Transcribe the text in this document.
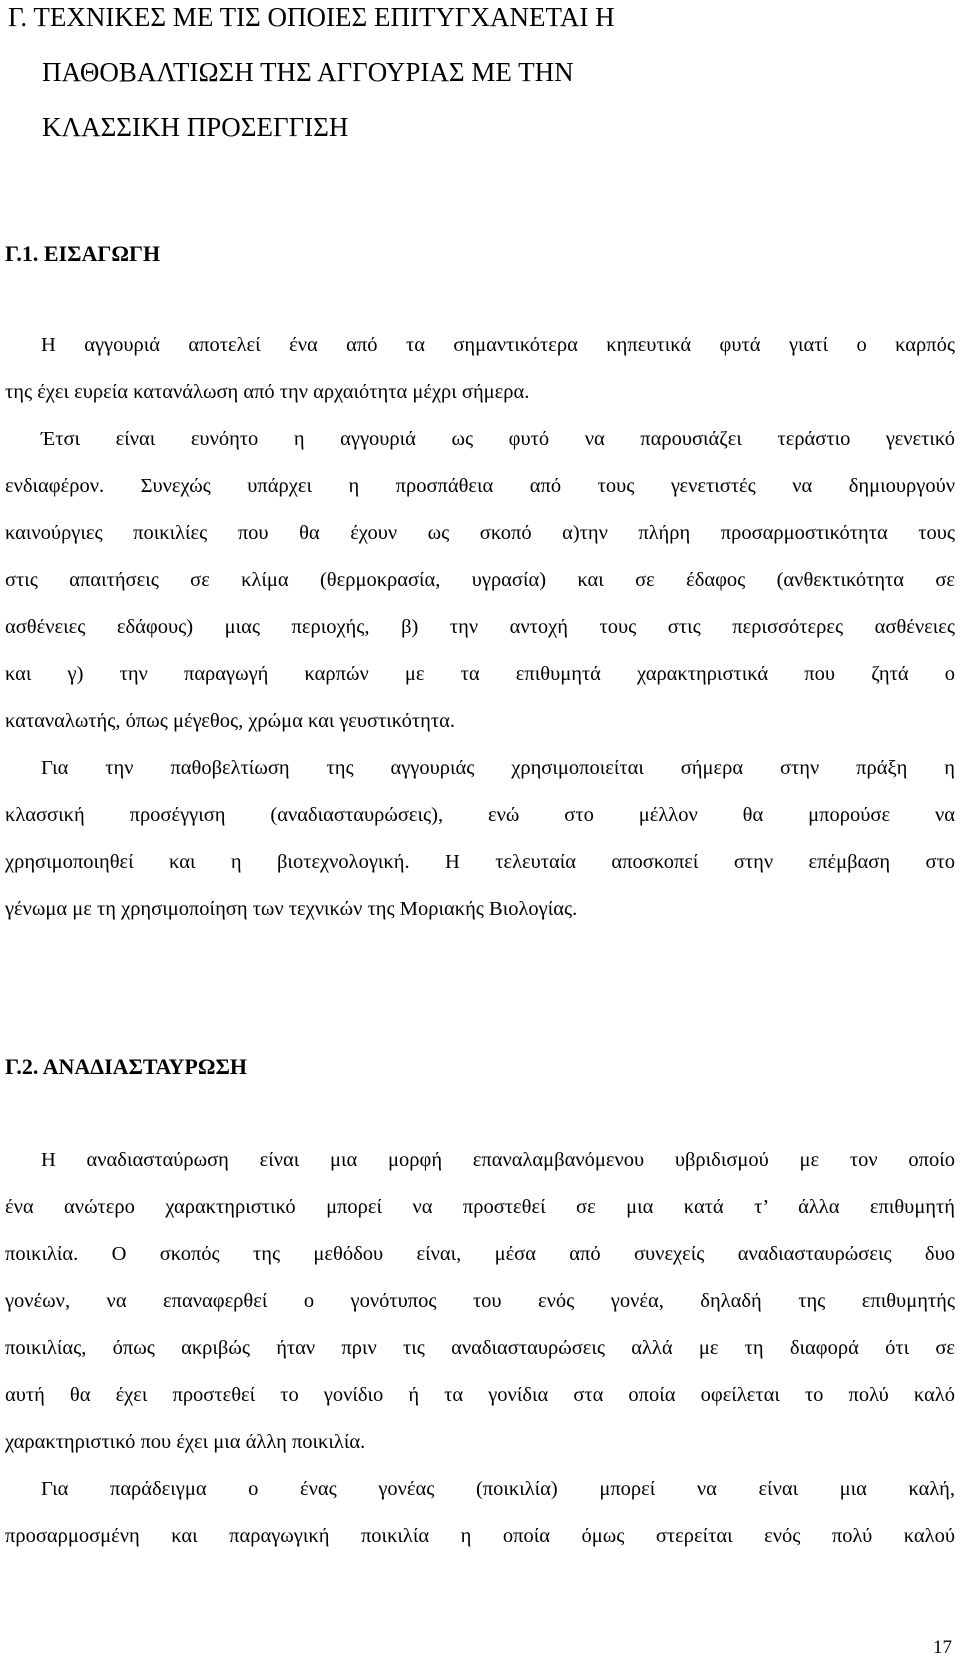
Γ. ΤΕΧΝΙΚΕΣ ΜΕ ΤΙΣ ΟΠΟΙΕΣ ΕΠΙΤΥΓΧΑΝΕΤΑΙ Η
ΠΑΘΟΒΑΛΤΙΩΣΗ ΤΗΣ ΑΓΓΟΥΡΙΑΣ ΜΕ ΤΗΝ
ΚΛΑΣΣΙΚΗ ΠΡΟΣΕΓΓΙΣΗ
Γ.1. ΕΙΣΑΓΩΓΗ
Η αγγουριά αποτελεί ένα από τα σημαντικότερα κηπευτικά φυτά γιατί ο καρπός
της έχει ευρεία κατανάλωση από την αρχαιότητα μέχρι σήμερα.
Έτσι είναι ευνόητο η αγγουριά ως φυτό να παρουσιάζει τεράστιο γενετικό
ενδιαφέρον. Συνεχώς υπάρχει η προσπάθεια από τους γενετιστές να δημιουργούν
καινούργιες ποικιλίες που θα έχουν ως σκοπό α)την πλήρη προσαρμοστικότητα τους
στις απαιτήσεις σε κλίμα (θερμοκρασία, υγρασία) και σε έδαφος (ανθεκτικότητα σε
ασθένειες εδάφους) μιας περιοχής, β) την αντοχή τους στις περισσότερες ασθένειες
και γ) την παραγωγή καρπών με τα επιθυμητά χαρακτηριστικά που ζητά ο
καταναλωτής, όπως μέγεθος, χρώμα και γευστικότητα.
Για την παθοβελτίωση της αγγουριάς χρησιμοποιείται σήμερα στην πράξη η
κλασσική προσέγγιση (αναδιασταυρώσεις), ενώ στο μέλλον θα μπορούσε να
χρησιμοποιηθεί και η βιοτεχνολογική. Η τελευταία αποσκοπεί στην επέμβαση στο
γένωμα με τη χρησιμοποίηση των τεχνικών της Μοριακής Βιολογίας.
Γ.2. ΑΝΑΔΙΑΣΤΑΥΡΩΣΗ
Η αναδιασταύρωση είναι μια μορφή επαναλαμβανόμενου υβριδισμού με τον οποίο
ένα ανώτερο χαρακτηριστικό μπορεί να προστεθεί σε μια κατά τ’ άλλα επιθυμητή
ποικιλία. Ο σκοπός της μεθόδου είναι, μέσα από συνεχείς αναδιασταυρώσεις δυο
γονέων, να επαναφερθεί ο γονότυπος του ενός γονέα, δηλαδή της επιθυμητής
ποικιλίας, όπως ακριβώς ήταν πριν τις αναδιασταυρώσεις αλλά με τη διαφορά ότι σε
αυτή θα έχει προστεθεί το γονίδιο ή τα γονίδια στα οποία οφείλεται το πολύ καλό
χαρακτηριστικό που έχει μια άλλη ποικιλία.
Για παράδειγμα ο ένας γονέας (ποικιλία) μπορεί να είναι μια καλή,
προσαρμοσμένη και παραγωγική ποικιλία η οποία όμως στερείται ενός πολύ καλού
17
